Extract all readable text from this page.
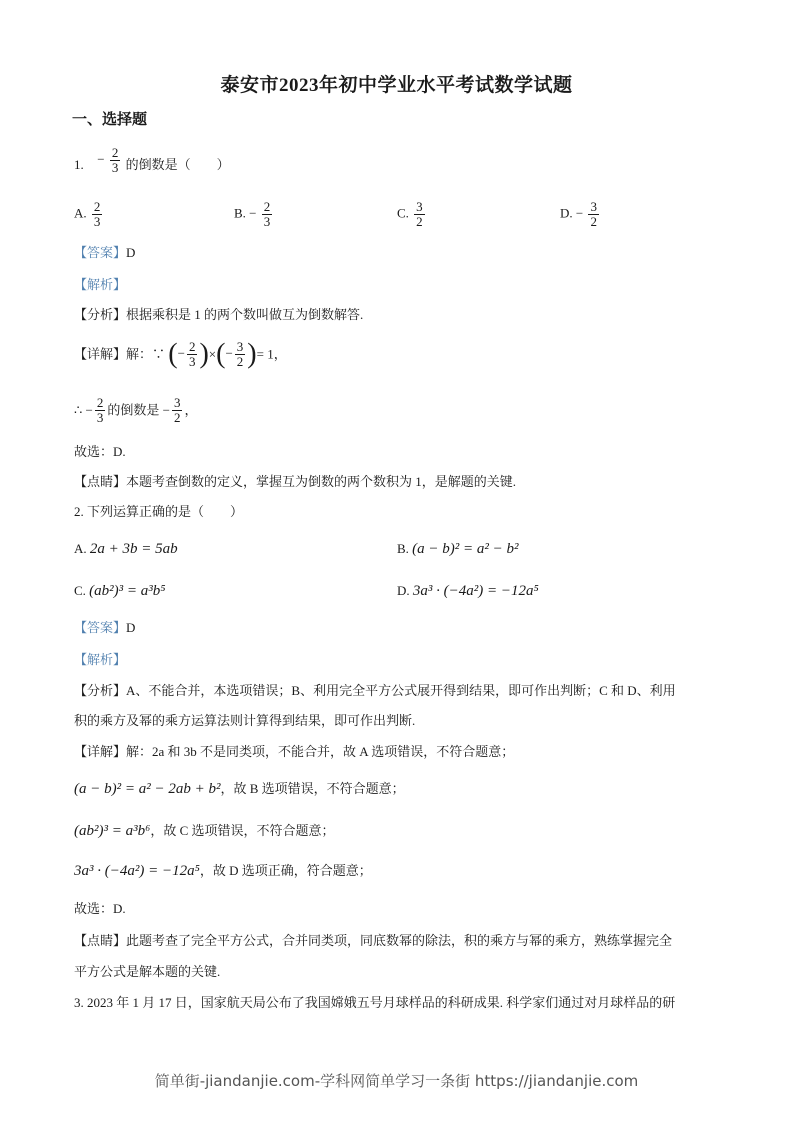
泰安市2023年初中学业水平考试数学试题
一、选择题
1. − $\frac{2}{3}$ 的倒数是（　　）
A. $\frac{2}{3}$	B. − $\frac{2}{3}$	C. $\frac{3}{2}$	D. − $\frac{3}{2}$
【答案】D
【解析】
【分析】根据乘积是 1 的两个数叫做互为倒数解答.
【详解】解：∵ (− $\frac{2}{3}$ )×(− $\frac{3}{2}$ )= 1，
∴ − $\frac{2}{3}$ 的倒数是 − $\frac{3}{2}$ ，
故选：D.
【点睛】本题考查倒数的定义，掌握互为倒数的两个数积为 1，是解题的关键.
2. 下列运算正确的是（　　）
A. 2a + 3b = 5ab	B. (a − b)² = a² − b²
C. (ab²)³ = a³b⁵	D. 3a³ · (−4a²) = −12a⁵
【答案】D
【解析】
【分析】A、不能合并，本选项错误；B、利用完全平方公式展开得到结果，即可作出判断；C 和 D、利用
积的乘方及幂的乘方运算法则计算得到结果，即可作出判断.
【详解】解：2a 和 3b 不是同类项，不能合并，故 A 选项错误，不符合题意；
(a − b)² = a² − 2ab + b²，故 B 选项错误，不符合题意；
(ab²)³ = a³b⁶，故 C 选项错误，不符合题意；
3a³ · (−4a²) = −12a⁵，故 D 选项正确，符合题意；
故选：D.
【点睛】此题考查了完全平方公式，合并同类项，同底数幂的除法，积的乘方与幂的乘方，熟练掌握完全
平方公式是解本题的关键.
3. 2023 年 1 月 17 日，国家航天局公布了我国嫦娥五号月球样品的科研成果. 科学家们通过对月球样品的研
简单街-jiandanjie.com-学科网简单学习一条街 https://jiandanjie.com
